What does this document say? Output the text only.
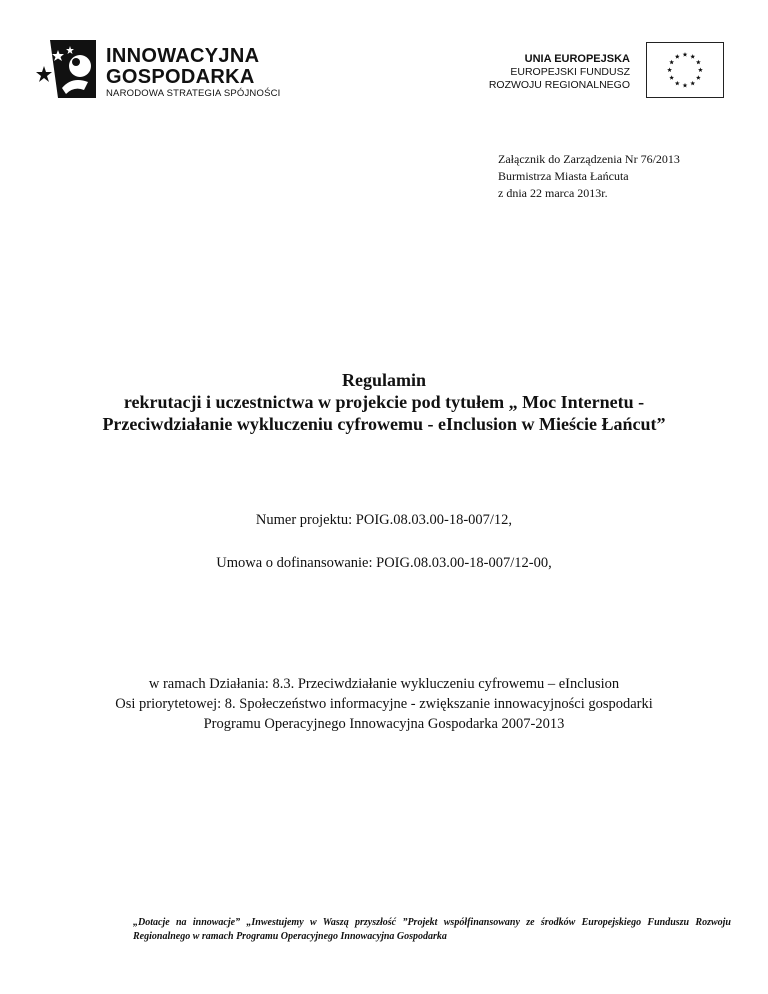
INNOWACYJNA
GOSPODARKA
NARODOWA STRATEGIA SPÓJNOŚCI
UNIA EUROPEJSKA
EUROPEJSKI FUNDUSZ
ROZWOJU REGIONALNEGO
Załącznik do Zarządzenia Nr 76/2013
Burmistrza Miasta Łańcuta
z dnia 22 marca 2013r.
Regulamin
rekrutacji i uczestnictwa w projekcie pod tytułem „ Moc Internetu -
Przeciwdziałanie wykluczeniu cyfrowemu - eInclusion w Mieście Łańcut”
Numer projektu: POIG.08.03.00-18-007/12,
Umowa o dofinansowanie: POIG.08.03.00-18-007/12-00,
w ramach Działania: 8.3. Przeciwdziałanie wykluczeniu cyfrowemu – eInclusion
Osi priorytetowej: 8. Społeczeństwo informacyjne - zwiększanie innowacyjności gospodarki
Programu Operacyjnego Innowacyjna Gospodarka 2007-2013
„Dotacje na innowacje” „Inwestujemy w Waszą przyszłość ”Projekt współfinansowany ze środków Europejskiego Funduszu Rozwoju Regionalnego w ramach Programu Operacyjnego Innowacyjna Gospodarka
